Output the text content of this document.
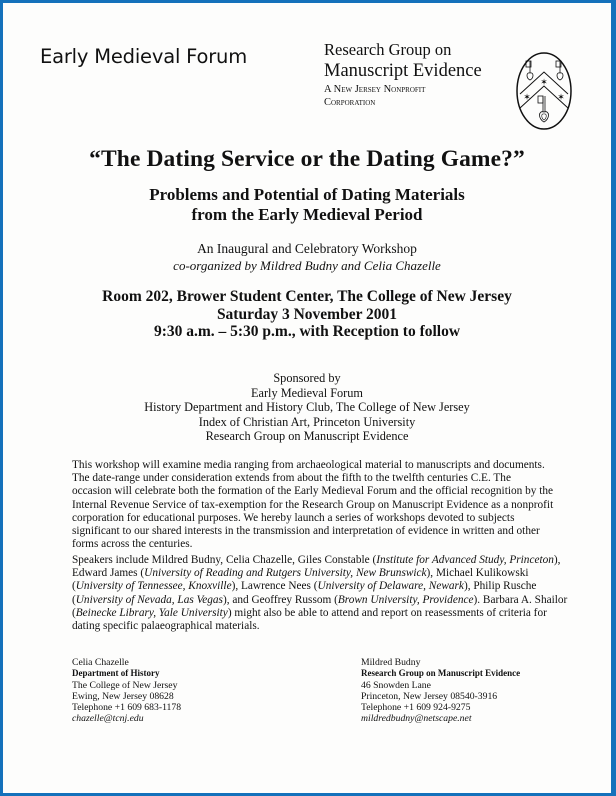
Early Medieval Forum	Research Group on
Manuscript Evidence
A New Jersey Nonprofit
Corporation
✶
✶	✶
“The Dating Service or the Dating Game?”
Problems and Potential of Dating Materials
from the Early Medieval Period
An Inaugural and Celebratory Workshop
co-organized by Mildred Budny and Celia Chazelle
Room 202, Brower Student Center, The College of New Jersey
Saturday 3 November 2001
9:30 a.m. – 5:30 p.m., with Reception to follow
Sponsored by
Early Medieval Forum
History Department and History Club, The College of New Jersey
Index of Christian Art, Princeton University
Research Group on Manuscript Evidence
This workshop will examine media ranging from archaeological material to manuscripts and documents.
The date-range under consideration extends from about the fifth to the twelfth centuries C.E. The
occasion will celebrate both the formation of the Early Medieval Forum and the official recognition by the
Internal Revenue Service of tax-exemption for the Research Group on Manuscript Evidence as a nonprofit
corporation for educational purposes. We hereby launch a series of workshops devoted to subjects
significant to our shared interests in the transmission and interpretation of evidence in written and other
forms across the centuries.
Speakers include Mildred Budny, Celia Chazelle, Giles Constable (Institute for Advanced Study, Princeton),
Edward James (University of Reading and Rutgers University, New Brunswick), Michael Kulikowski
(University of Tennessee, Knoxville), Lawrence Nees (University of Delaware, Newark), Philip Rusche
(University of Nevada, Las Vegas), and Geoffrey Russom (Brown University, Providence). Barbara A. Shailor
(Beinecke Library, Yale University) might also be able to attend and report on reasessments of criteria for
dating specific palaeographical materials.
Celia Chazelle
Department of History
The College of New Jersey
Ewing, New Jersey 08628
Telephone +1 609 683-1178
chazelle@tcnj.edu
Mildred Budny
Research Group on Manuscript Evidence
46 Snowden Lane
Princeton, New Jersey 08540-3916
Telephone +1 609 924-9275
mildredbudny@netscape.net
